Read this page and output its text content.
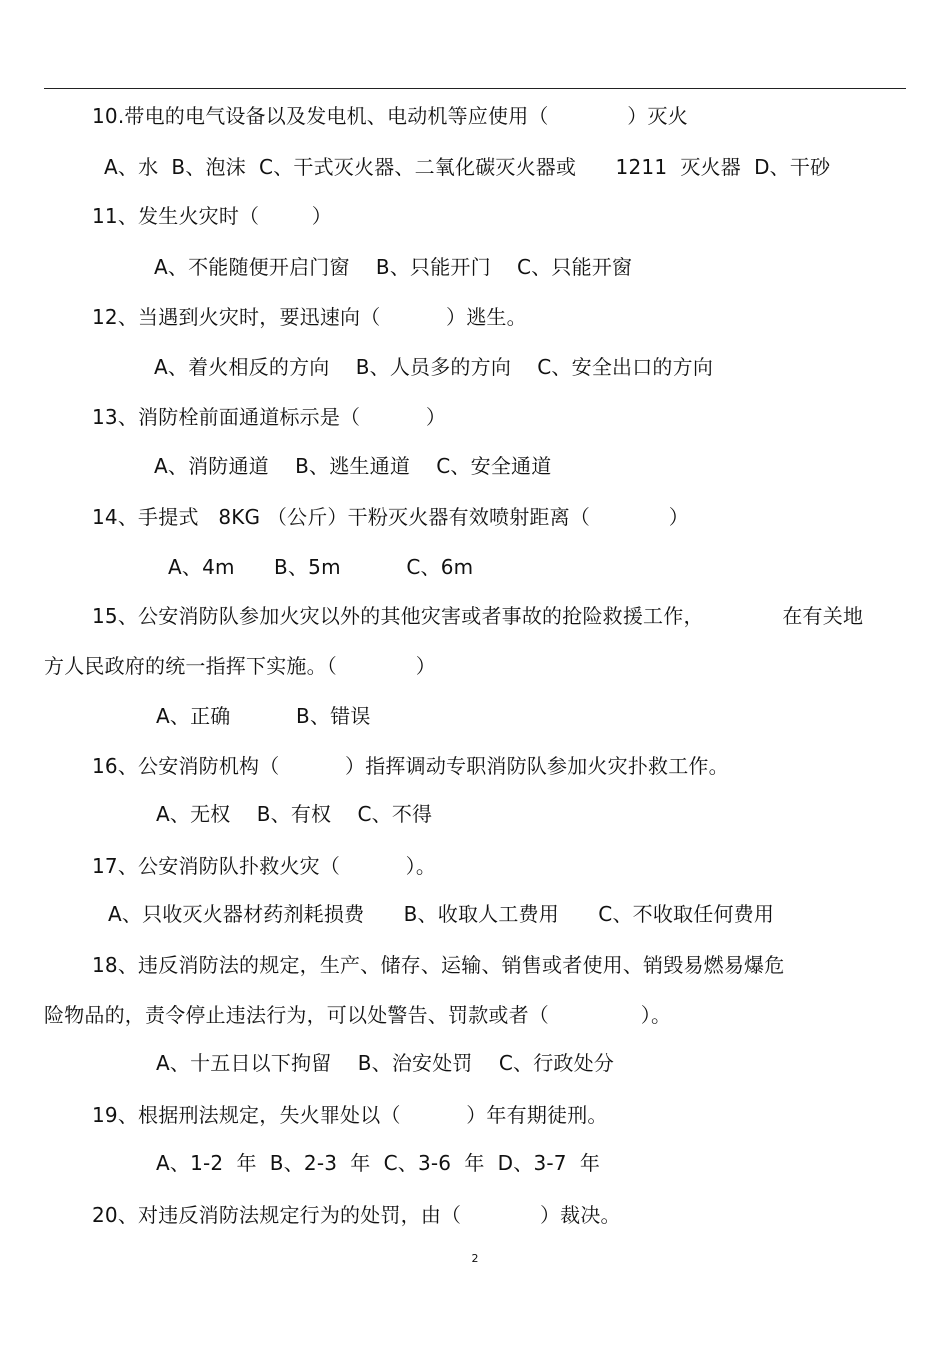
10.带电的电气设备以及发电机、电动机等应使用（            ）灭火
A、水  B、泡沫  C、干式灭火器、二氧化碳灭火器或      1211  灭火器  D、干砂
11、发生火灾时（        ）
A、不能随便开启门窗    B、只能开门    C、只能开窗
12、当遇到火灾时，要迅速向（          ）逃生。
A、着火相反的方向    B、人员多的方向    C、安全出口的方向
13、消防栓前面通道标示是（          ）
A、消防通道    B、逃生通道    C、安全通道
14、手提式   8KG （公斤）干粉灭火器有效喷射距离（            ）
A、4m      B、5m          C、6m
15、公安消防队参加火灾以外的其他灾害或者事故的抢险救援工作，            在有关地
方人民政府的统一指挥下实施。（            ）
A、正确          B、错误
16、公安消防机构（          ）指挥调动专职消防队参加火灾扑救工作。
A、无权    B、有权    C、不得
17、公安消防队扑救火灾（          ）。
A、只收灭火器材药剂耗损费      B、收取人工费用      C、不收取任何费用
18、违反消防法的规定，生产、储存、运输、销售或者使用、销毁易燃易爆危
险物品的，责令停止违法行为，可以处警告、罚款或者（              ）。
A、十五日以下拘留    B、治安处罚    C、行政处分
19、根据刑法规定，失火罪处以（          ）年有期徒刑。
A、1-2  年  B、2-3  年  C、3-6  年  D、3-7  年
20、对违反消防法规定行为的处罚，由（            ）裁决。
2
